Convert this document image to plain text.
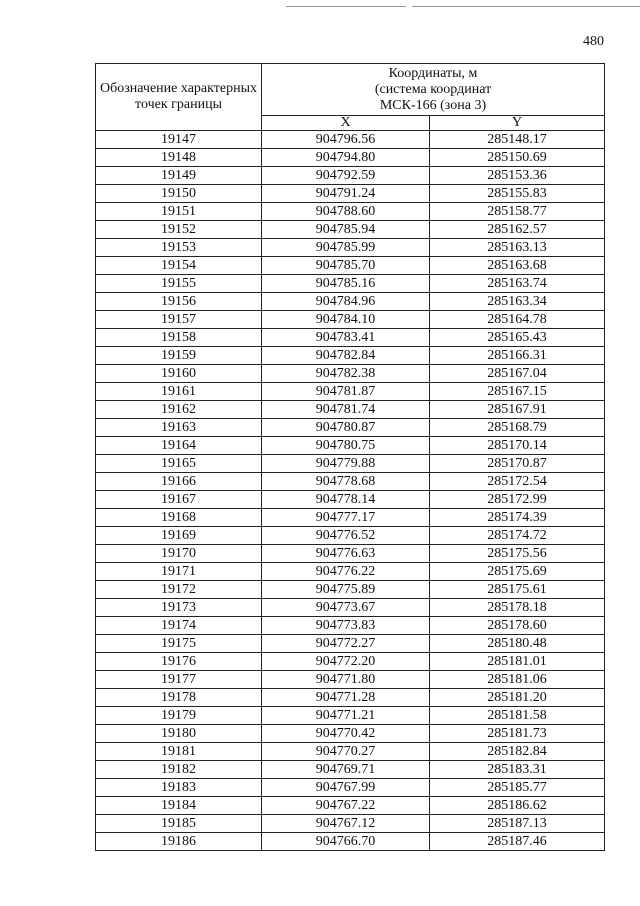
480
Обозначение характерных точек границы	Координаты, м
(система координат
МСК-166 (зона 3)	

	X	Y
19147	904796.56	285148.17
19148	904794.80	285150.69
19149	904792.59	285153.36
19150	904791.24	285155.83
19151	904788.60	285158.77
19152	904785.94	285162.57
19153	904785.99	285163.13
19154	904785.70	285163.68
19155	904785.16	285163.74
19156	904784.96	285163.34
19157	904784.10	285164.78
19158	904783.41	285165.43
19159	904782.84	285166.31
19160	904782.38	285167.04
19161	904781.87	285167.15
19162	904781.74	285167.91
19163	904780.87	285168.79
19164	904780.75	285170.14
19165	904779.88	285170.87
19166	904778.68	285172.54
19167	904778.14	285172.99
19168	904777.17	285174.39
19169	904776.52	285174.72
19170	904776.63	285175.56
19171	904776.22	285175.69
19172	904775.89	285175.61
19173	904773.67	285178.18
19174	904773.83	285178.60
19175	904772.27	285180.48
19176	904772.20	285181.01
19177	904771.80	285181.06
19178	904771.28	285181.20
19179	904771.21	285181.58
19180	904770.42	285181.73
19181	904770.27	285182.84
19182	904769.71	285183.31
19183	904767.99	285185.77
19184	904767.22	285186.62
19185	904767.12	285187.13
19186	904766.70	285187.46
